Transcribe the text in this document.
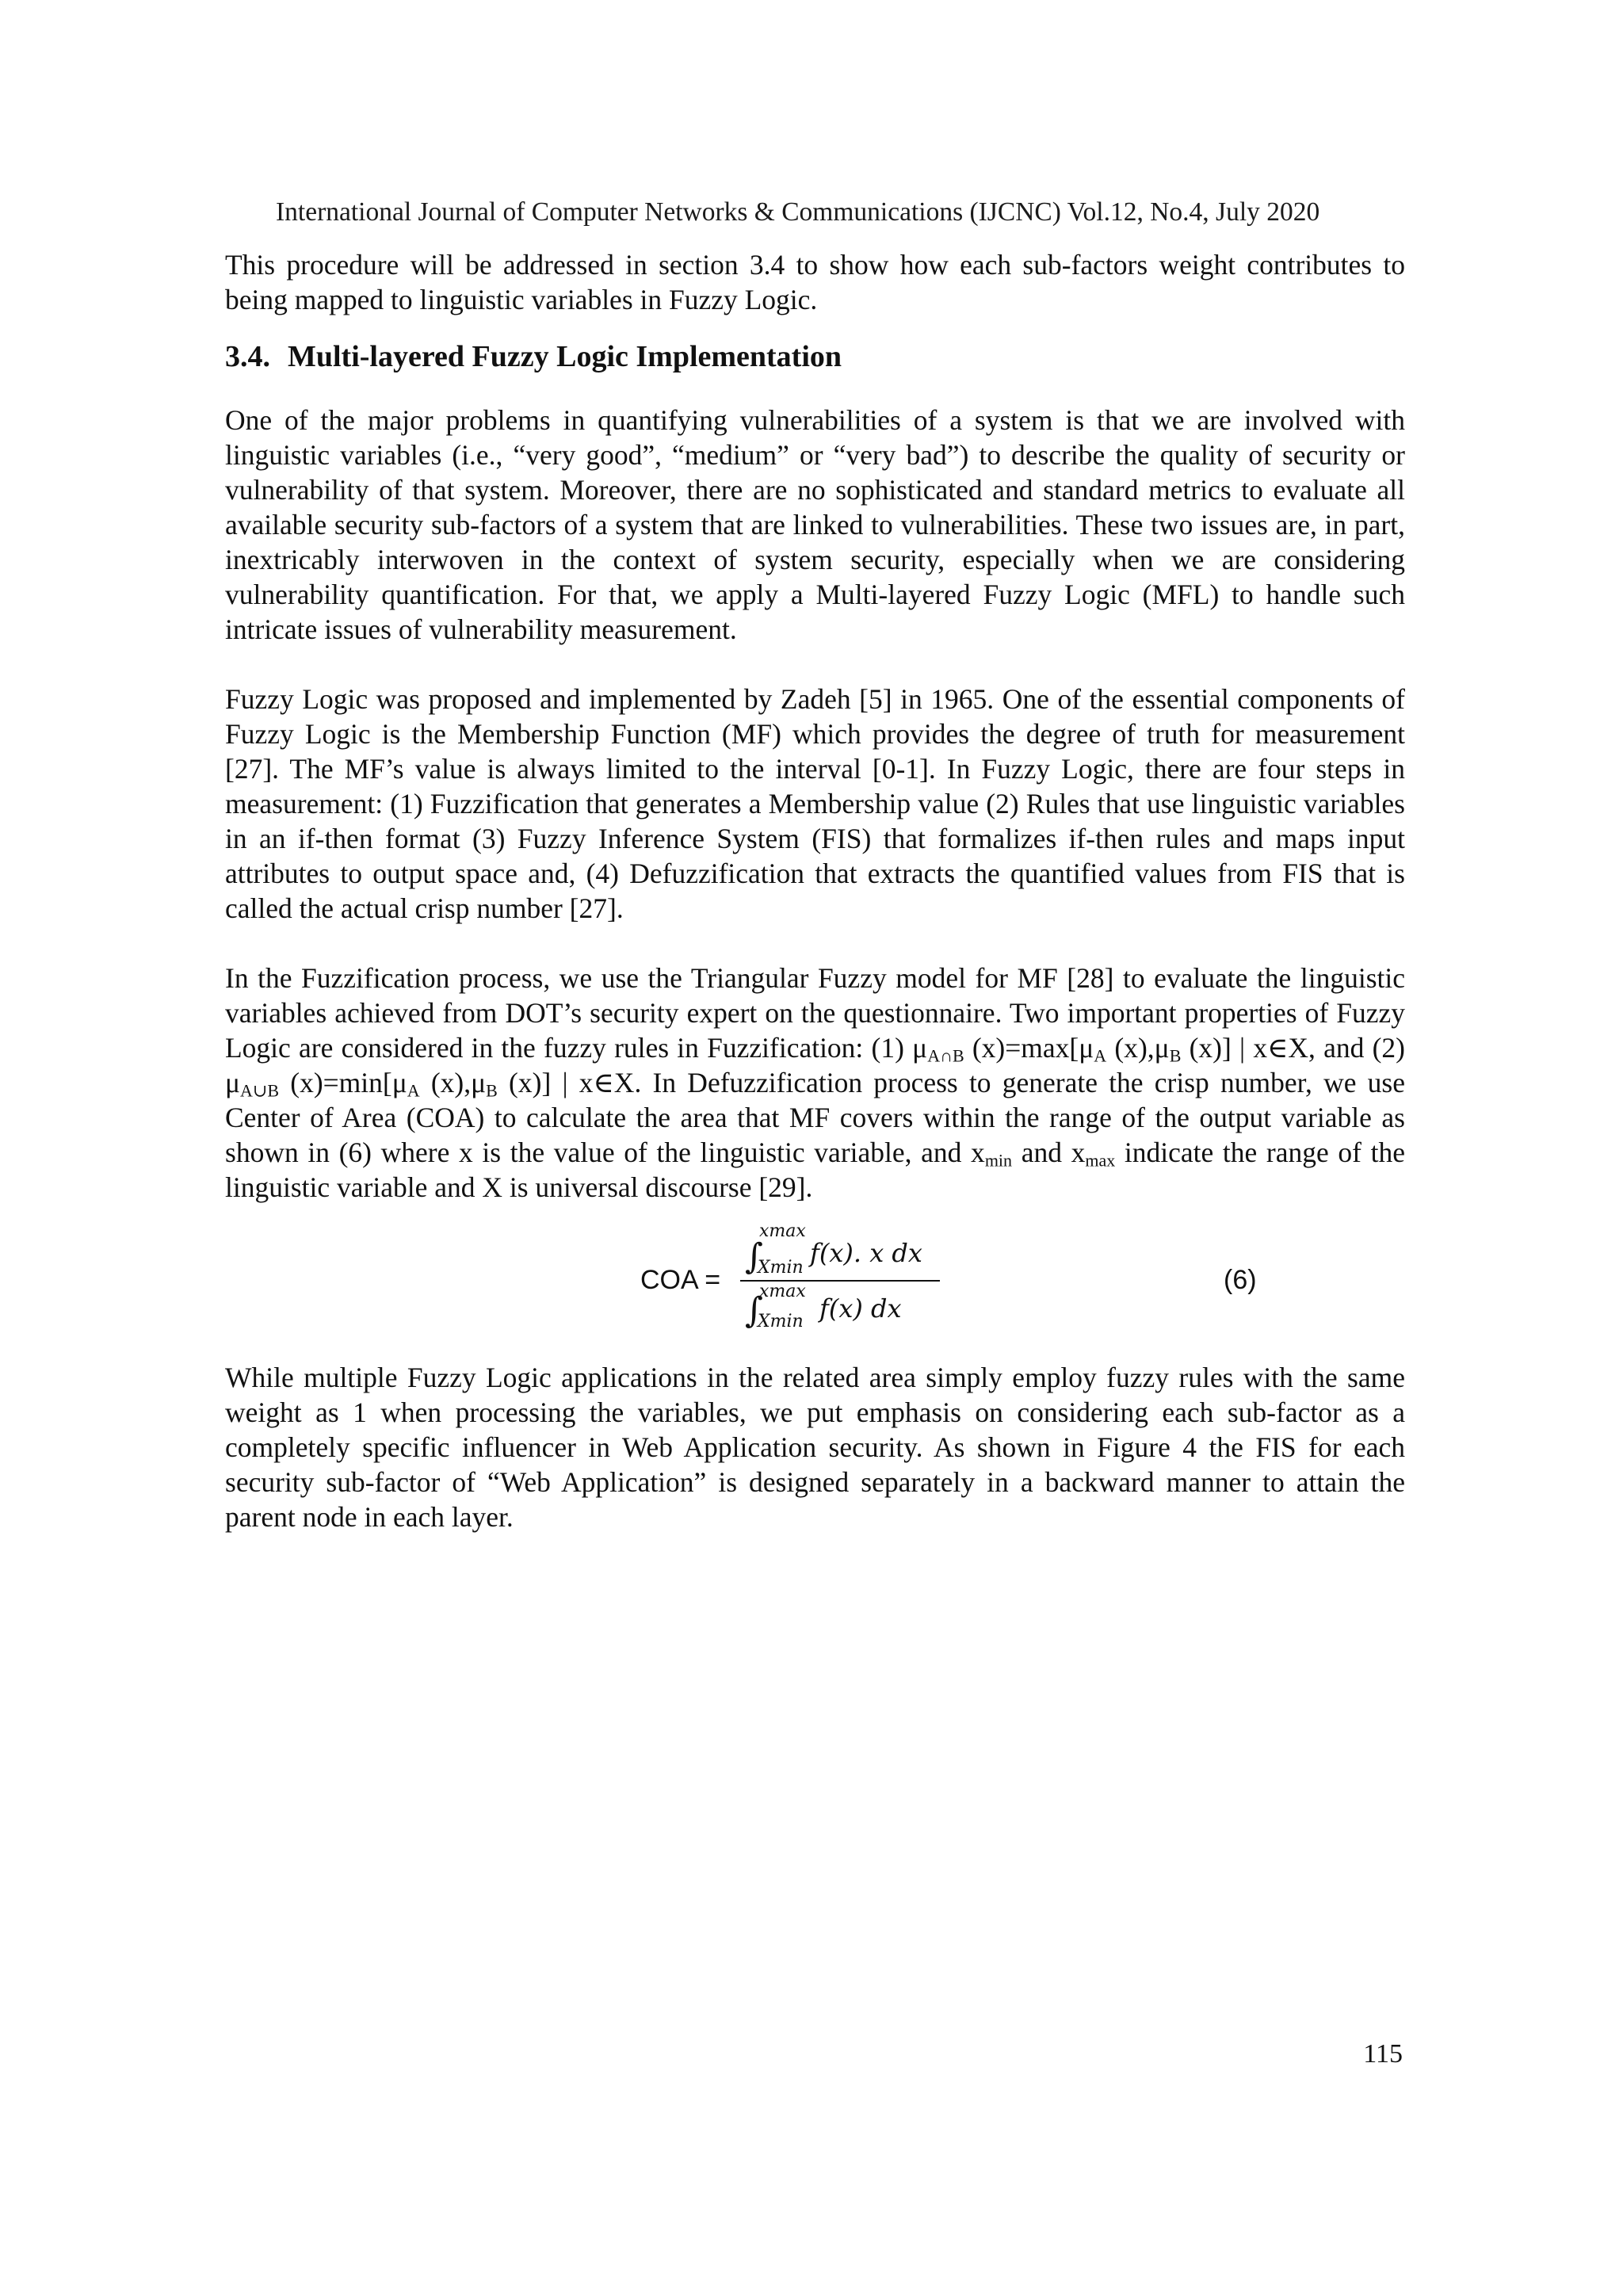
International Journal of Computer Networks & Communications (IJCNC) Vol.12, No.4, July 2020

This procedure will be addressed in section 3.4 to show how each sub-factors weight contributes to being mapped to linguistic variables in Fuzzy Logic.

3.4. Multi-layered Fuzzy Logic Implementation

One of the major problems in quantifying vulnerabilities of a system is that we are involved with linguistic variables (i.e., “very good”, “medium” or “very bad”) to describe the quality of security or vulnerability of that system. Moreover, there are no sophisticated and standard metrics to evaluate all available security sub-factors of a system that are linked to vulnerabilities. These two issues are, in part, inextricably interwoven in the context of system security, especially when we are considering vulnerability quantification. For that, we apply a Multi-layered Fuzzy Logic (MFL) to handle such intricate issues of vulnerability measurement.

Fuzzy Logic was proposed and implemented by Zadeh [5] in 1965. One of the essential components of Fuzzy Logic is the Membership Function (MF) which provides the degree of truth for measurement [27]. The MF’s value is always limited to the interval [0-1]. In Fuzzy Logic, there are four steps in measurement: (1) Fuzzification that generates a Membership value (2) Rules that use linguistic variables in an if-then format (3) Fuzzy Inference System (FIS) that formalizes if-then rules and maps input attributes to output space and, (4) Defuzzification that extracts the quantified values from FIS that is called the actual crisp number [27].

In the Fuzzification process, we use the Triangular Fuzzy model for MF [28] to evaluate the linguistic variables achieved from DOT’s security expert on the questionnaire. Two important properties of Fuzzy Logic are considered in the fuzzy rules in Fuzzification: (1) $\mu_{A\cap B}$ $(x)=\max[\mu_A$ $(x),\mu_B$ (x)] | x∈X, and (2) $\mu_{A\cup B}$ $(x)=\min[\mu_A$ $(x),\mu_B$ (x)] | x∈X. In Defuzzification process to generate the crisp number, we use Center of Area (COA) to calculate the area that MF covers within the range of the output variable as shown in (6) where x is the value of the linguistic variable, and $x_{min}$ and $x_{max}$ indicate the range of the linguistic variable and X is universal discourse [29].

COA =
∫
xmax
Xmin f(x). x dx
∫
xmax
Xmin f(x) dx
(6)

While multiple Fuzzy Logic applications in the related area simply employ fuzzy rules with the same weight as 1 when processing the variables, we put emphasis on considering each sub-factor as a completely specific influencer in Web Application security. As shown in Figure 4 the FIS for each security sub-factor of “Web Application” is designed separately in a backward manner to attain the parent node in each layer.

115
